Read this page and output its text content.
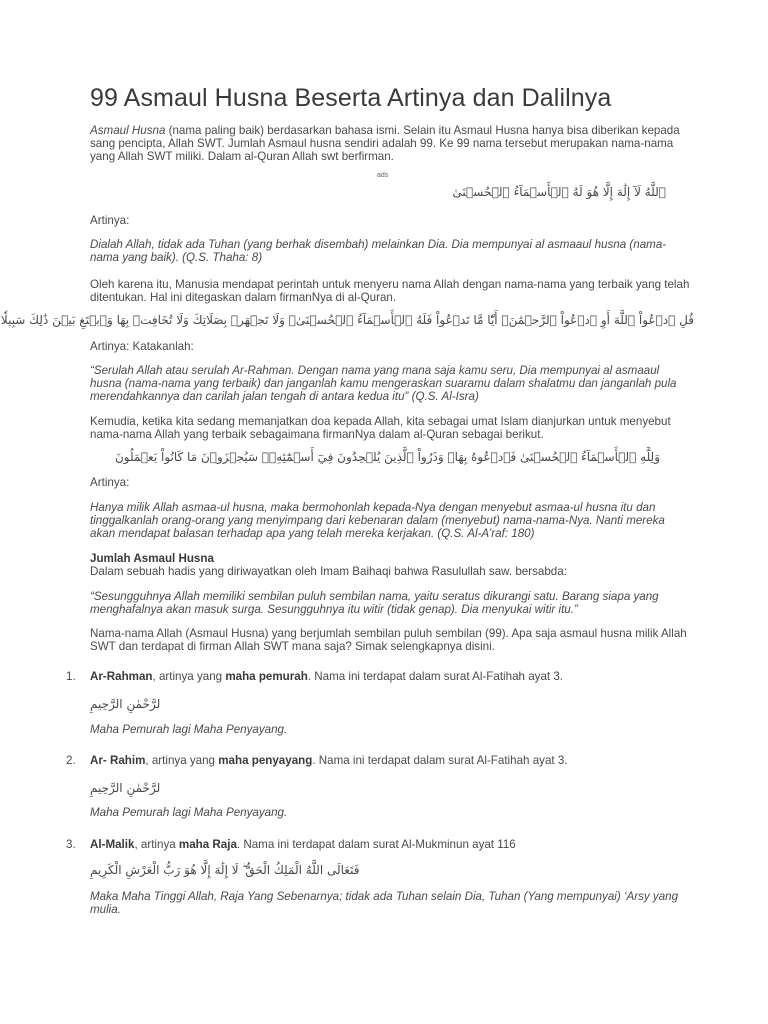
99 Asmaul Husna Beserta Artinya dan Dalilnya
Asmaul Husna (nama paling baik) berdasarkan bahasa ismi. Selain itu Asmaul Husna hanya bisa diberikan kepada sang pencipta, Allah SWT. Jumlah Asmaul husna sendiri adalah 99. Ke 99 nama tersebut merupakan nama-nama yang Allah SWT miliki. Dalam al-Quran Allah swt berfirman.
ads
ٱللَّهُ لَآ إِلَٰهَ إِلَّا هُوَ لَهُ ٱلۡأَسۡمَآءُ ٱلۡحُسۡنَىٰ
Artinya:
Dialah Allah, tidak ada Tuhan (yang berhak disembah) melainkan Dia. Dia mempunyai al asmaaul husna (nama-nama yang baik). (Q.S. Thaha: 8)
Oleh karena itu, Manusia mendapat perintah untuk menyeru nama Allah dengan nama-nama yang terbaik yang telah ditentukan. Hal ini ditegaskan dalam firmanNya di al-Quran.
قُلِ ٱدۡعُواْ ٱللَّهَ أَوِ ٱدۡعُواْ ٱلرَّحۡمَٰنَۖ أَيّٗا مَّا تَدۡعُواْ فَلَهُ ٱلۡأَسۡمَآءُ ٱلۡحُسۡنَىٰۚ وَلَا تَجۡهَرۡ بِصَلَاتِكَ وَلَا تُخَافِتۡ بِهَا وَٱبۡتَغِ بَيۡنَ ذَٰلِكَ سَبِيلٗا
Artinya: Katakanlah:
“Serulah Allah atau serulah Ar-Rahman. Dengan nama yang mana saja kamu seru, Dia mempunyai al asmaaul husna (nama-nama yang terbaik) dan janganlah kamu mengeraskan suaramu dalam shalatmu dan janganlah pula merendahkannya dan carilah jalan tengah di antara kedua itu” (Q.S. Al-Isra)
Kemudia, ketika kita sedang memanjatkan doa kepada Allah, kita sebagai umat Islam dianjurkan untuk menyebut nama-nama Allah yang terbaik sebagaimana firmanNya dalam al-Quran sebagai berikut.
وَلِلَّهِ ٱلۡأَسۡمَآءُ ٱلۡحُسۡنَىٰ فَٱدۡعُوهُ بِهَاۖ وَذَرُواْ ٱلَّذِينَ يُلۡحِدُونَ فِيٓ أَسۡمَٰٓئِهِۦۚ سَيُجۡزَوۡنَ مَا كَانُواْ يَعۡمَلُونَ
Artinya:
Hanya milik Allah asmaa-ul husna, maka bermohonlah kepada-Nya dengan menyebut asmaa-ul husna itu dan tinggalkanlah orang-orang yang menyimpang dari kebenaran dalam (menyebut) nama-nama-Nya. Nanti mereka akan mendapat balasan terhadap apa yang telah mereka kerjakan. (Q.S. Al-A’raf: 180)
Jumlah Asmaul Husna
Dalam sebuah hadis yang diriwayatkan oleh Imam Baihaqi bahwa Rasulullah saw. bersabda:
“Sesungguhnya Allah memiliki sembilan puluh sembilan nama, yaitu seratus dikurangi satu. Barang siapa yang menghafalnya akan masuk surga. Sesungguhnya itu witir (tidak genap). Dia menyukai witir itu.”
Nama-nama Allah (Asmaul Husna) yang berjumlah sembilan puluh sembilan (99). Apa saja asmaul husna milik Allah SWT dan terdapat di firman Allah SWT mana saja? Simak selengkapnya disini.
1. Ar-Rahman, artinya yang maha pemurah. Nama ini terdapat dalam surat Al-Fatihah ayat 3.
لرَّحْمٰنِ الرَّحِيمِ
Maha Pemurah lagi Maha Penyayang.
2. Ar- Rahim, artinya yang maha penyayang. Nama ini terdapat dalam surat Al-Fatihah ayat 3.
لرَّحْمٰنِ الرَّحِيمِ
Maha Pemurah lagi Maha Penyayang.
3. Al-Malik, artinya maha Raja. Nama ini terdapat dalam surat Al-Mukminun ayat 116
فَتَعَالَى اللَّهُ الْمَلِكُ الْحَقُّ ۖ لَا إِلَٰهَ إِلَّا هُوَ رَبُّ الْعَرْشِ الْكَرِيمِ
Maka Maha Tinggi Allah, Raja Yang Sebenarnya; tidak ada Tuhan selain Dia, Tuhan (Yang mempunyai) ‘Arsy yang mulia.
